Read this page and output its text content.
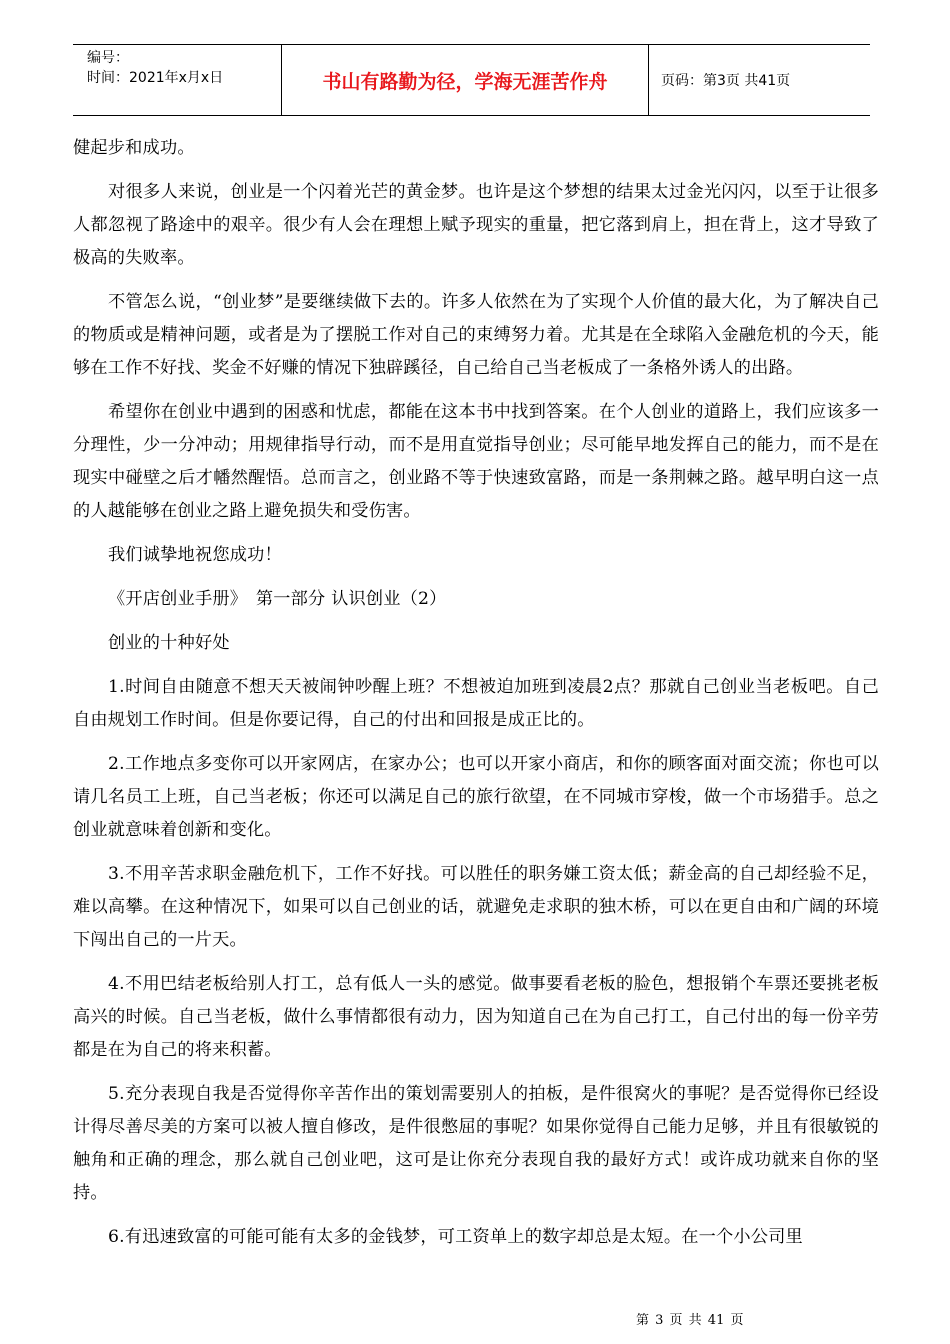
编号：
时间：2021年x月x日	书山有路勤为径，学海无涯苦作舟	页码：第3页 共41页

健起步和成功。

对很多人来说，创业是一个闪着光芒的黄金梦。也许是这个梦想的结果太过金光闪闪，以至于让很多人都忽视了路途中的艰辛。很少有人会在理想上赋予现实的重量，把它落到肩上，担在背上，这才导致了极高的失败率。

不管怎么说，“创业梦”是要继续做下去的。许多人依然在为了实现个人价值的最大化，为了解决自己的物质或是精神问题，或者是为了摆脱工作对自己的束缚努力着。尤其是在全球陷入金融危机的今天，能够在工作不好找、奖金不好赚的情况下独辟蹊径，自己给自己当老板成了一条格外诱人的出路。

希望你在创业中遇到的困惑和忧虑，都能在这本书中找到答案。在个人创业的道路上，我们应该多一分理性，少一分冲动；用规律指导行动，而不是用直觉指导创业；尽可能早地发挥自己的能力，而不是在现实中碰壁之后才幡然醒悟。总而言之，创业路不等于快速致富路，而是一条荆棘之路。越早明白这一点的人越能够在创业之路上避免损失和受伤害。

我们诚挚地祝您成功！

《开店创业手册》　第一部分 认识创业（2）

创业的十种好处

1.时间自由随意不想天天被闹钟吵醒上班？不想被迫加班到凌晨2点？那就自己创业当老板吧。自己自由规划工作时间。但是你要记得，自己的付出和回报是成正比的。

2.工作地点多变你可以开家网店，在家办公；也可以开家小商店，和你的顾客面对面交流；你也可以请几名员工上班，自己当老板；你还可以满足自己的旅行欲望，在不同城市穿梭，做一个市场猎手。总之创业就意味着创新和变化。

3.不用辛苦求职金融危机下，工作不好找。可以胜任的职务嫌工资太低；薪金高的自己却经验不足，难以高攀。在这种情况下，如果可以自己创业的话，就避免走求职的独木桥，可以在更自由和广阔的环境下闯出自己的一片天。

4.不用巴结老板给别人打工，总有低人一头的感觉。做事要看老板的脸色，想报销个车票还要挑老板高兴的时候。自己当老板，做什么事情都很有动力，因为知道自己在为自己打工，自己付出的每一份辛劳都是在为自己的将来积蓄。

5.充分表现自我是否觉得你辛苦作出的策划需要别人的拍板，是件很窝火的事呢？是否觉得你已经设计得尽善尽美的方案可以被人擅自修改，是件很憋屈的事呢？如果你觉得自己能力足够，并且有很敏锐的触角和正确的理念，那么就自己创业吧，这可是让你充分表现自我的最好方式！或许成功就来自你的坚持。

6.有迅速致富的可能可能有太多的金钱梦，可工资单上的数字却总是太短。在一个小公司里

第 3 页 共 41 页
